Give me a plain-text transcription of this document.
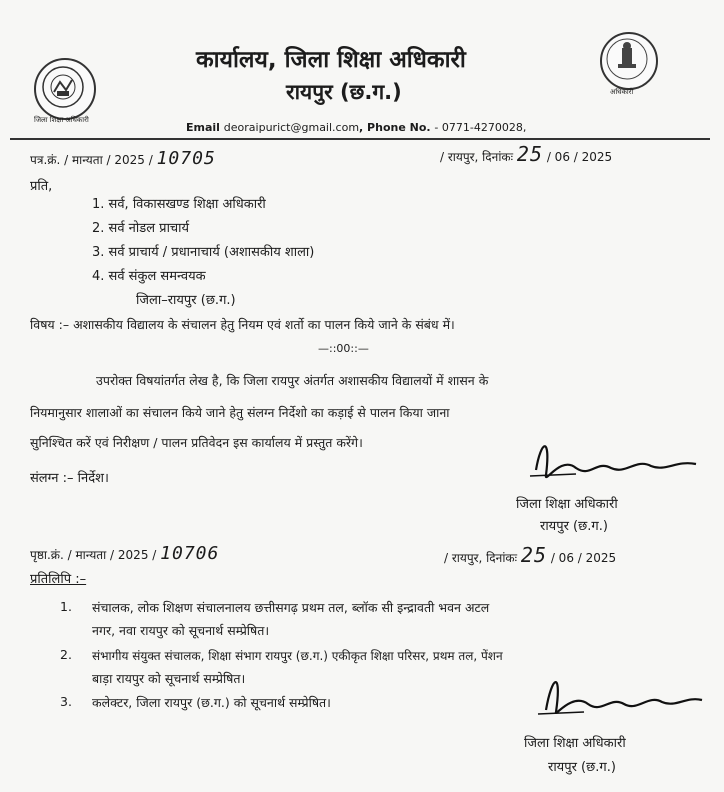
जिला शिक्षा अधिकारी
अधिकारी
कार्यालय, जिला शिक्षा अधिकारी
रायपुर (छ.ग.)
Email deoraipurict@gmail.com, Phone No. - 0771-4270028,
पत्र.क्रं. / मान्यता / 2025 / 10705	/ रायपुर, दिनांकः 25 / 06 / 2025
प्रति,
1. सर्व, विकासखण्ड शिक्षा अधिकारी
2. सर्व नोडल प्राचार्य
3. सर्व प्राचार्य / प्रधानाचार्य (अशासकीय शाला)
4. सर्व संकुल समन्वयक
जिला–रायपुर (छ.ग.)
विषय :– अशासकीय विद्यालय के संचालन हेतु नियम एवं शर्तो का पालन किये जाने के संबंध में।
—::00::—
उपरोक्त विषयांतर्गत लेख है, कि जिला रायपुर अंतर्गत अशासकीय विद्यालयों में शासन के
नियमानुसार शालाओं का संचालन किये जाने हेतु संलग्न निर्देशो का कड़ाई से पालन किया जाना
सुनिश्चित करें एवं निरीक्षण / पालन प्रतिवेदन इस कार्यालय में प्रस्तुत करेंगे।
संलग्न :– निर्देश।
जिला शिक्षा अधिकारी
रायपुर (छ.ग.)
पृष्ठा.क्रं. / मान्यता / 2025 / 10706	/ रायपुर, दिनांकः 25 / 06 / 2025
प्रतिलिपि :–
1. संचालक, लोक शिक्षण संचालनालय छत्तीसगढ़ प्रथम तल, ब्लॉक सी इन्द्रावती भवन अटल
नगर, नवा रायपुर को सूचनार्थ सम्प्रेषित।
2. संभागीय संयुक्त संचालक, शिक्षा संभाग रायपुर (छ.ग.) एकीकृत शिक्षा परिसर, प्रथम तल, पेंशन
बाड़ा रायपुर को सूचनार्थ सम्प्रेषित।
3. कलेक्टर, जिला रायपुर (छ.ग.) को सूचनार्थ सम्प्रेषित।
जिला शिक्षा अधिकारी
रायपुर (छ.ग.)
